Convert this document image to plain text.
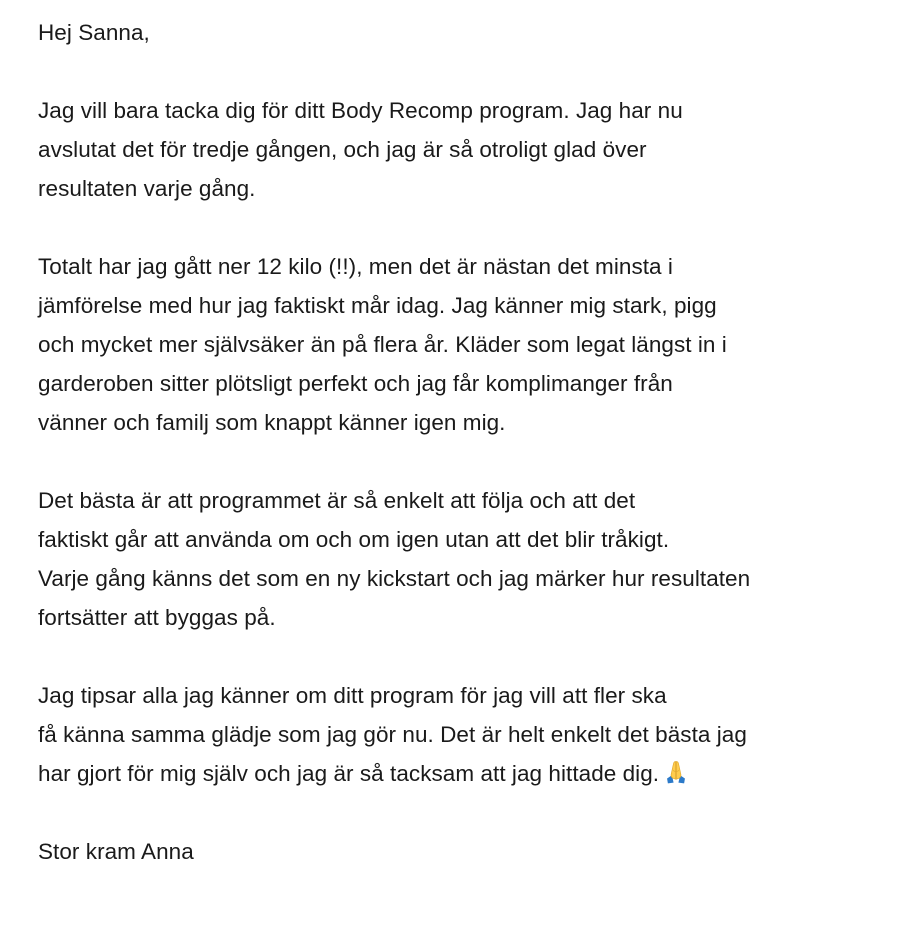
Hej Sanna,

Jag vill bara tacka dig för ditt Body Recomp program. Jag har nu
avslutat det för tredje gången, och jag är så otroligt glad över
resultaten varje gång.

Totalt har jag gått ner 12 kilo (!!), men det är nästan det minsta i
jämförelse med hur jag faktiskt mår idag. Jag känner mig stark, pigg
och mycket mer självsäker än på flera år. Kläder som legat längst in i
garderoben sitter plötsligt perfekt och jag får komplimanger från
vänner och familj som knappt känner igen mig.

Det bästa är att programmet är så enkelt att följa och att det
faktiskt går att använda om och om igen utan att det blir tråkigt.
Varje gång känns det som en ny kickstart och jag märker hur resultaten
fortsätter att byggas på.

Jag tipsar alla jag känner om ditt program för jag vill att fler ska
få känna samma glädje som jag gör nu. Det är helt enkelt det bästa jag
har gjort för mig själv och jag är så tacksam att jag hittade dig.

Stor kram Anna
